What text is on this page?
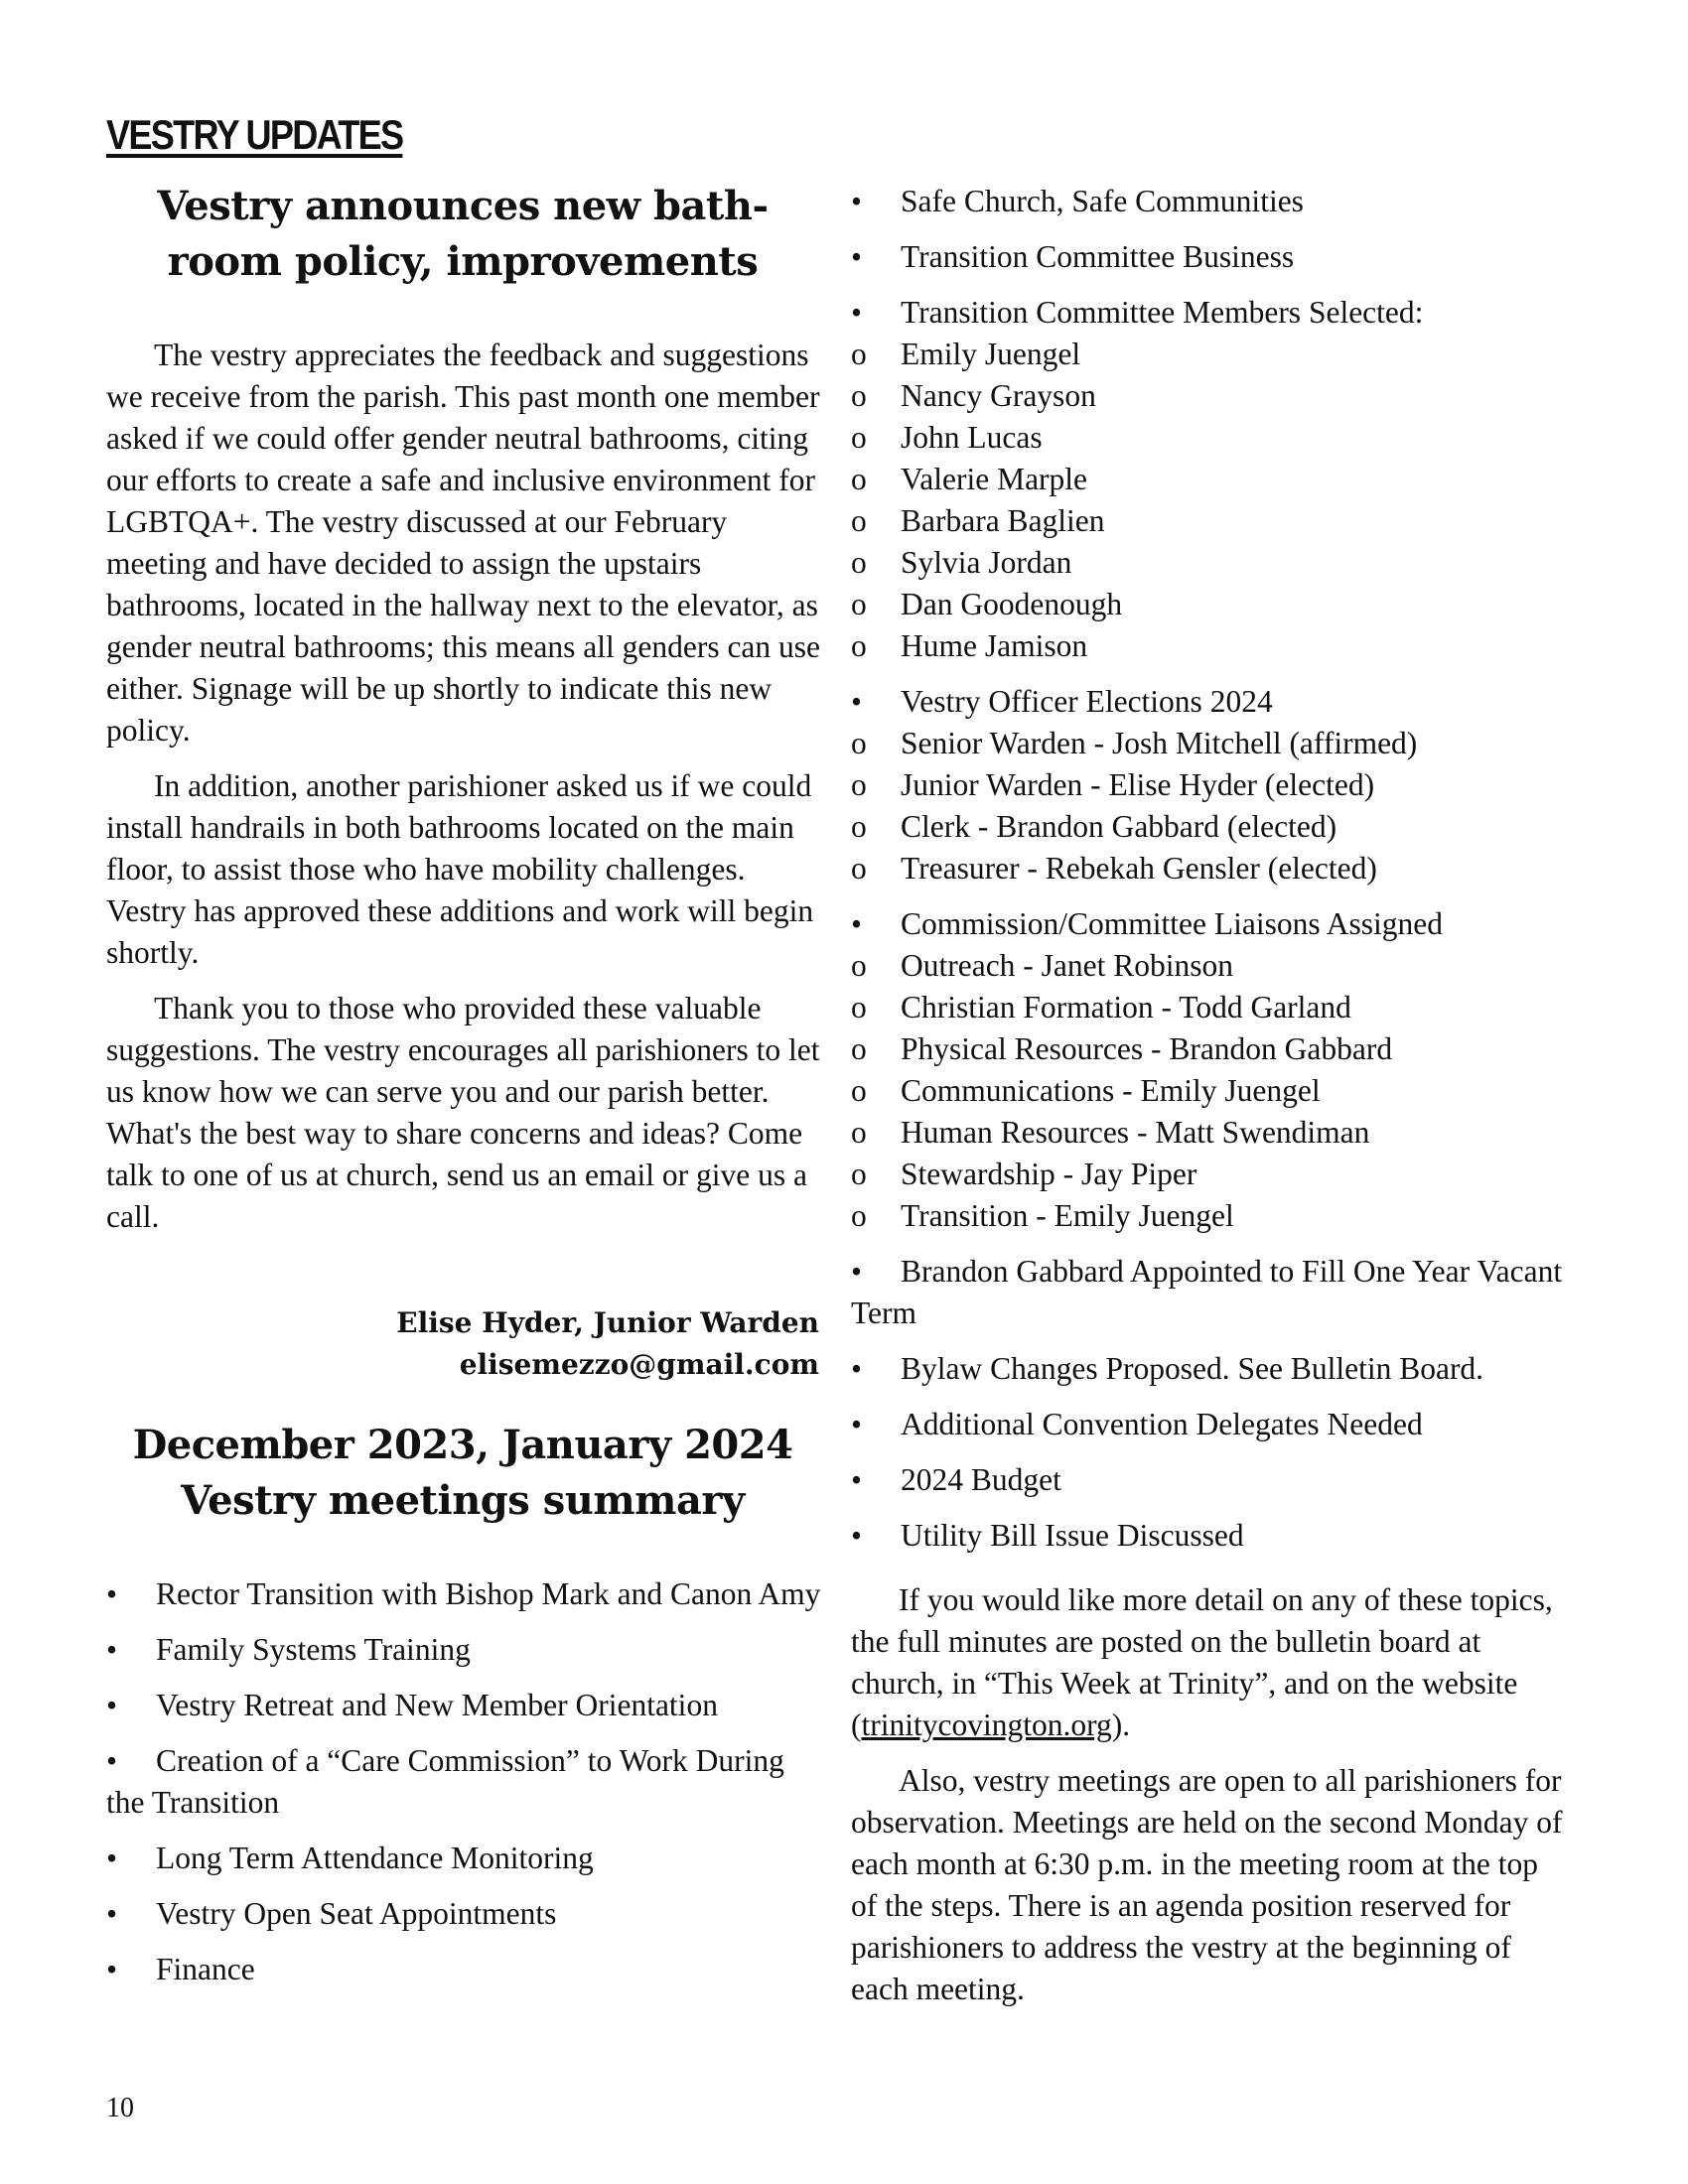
VESTRY UPDATES
Vestry announces new bath-
room policy, improvements

The vestry appreciates the feedback and suggestions we receive from the parish. This past month one member asked if we could offer gender neutral bathrooms, citing our efforts to create a safe and inclusive environment for LGBTQA+. The vestry discussed at our February meeting and have decided to assign the upstairs bathrooms, located in the hallway next to the elevator, as gender neutral bathrooms; this means all genders can use either. Signage will be up shortly to indicate this new policy.

In addition, another parishioner asked us if we could install handrails in both bathrooms located on the main floor, to assist those who have mobility challenges. Vestry has approved these additions and work will begin shortly.

Thank you to those who provided these valuable suggestions. The vestry encourages all parishioners to let us know how we can serve you and our parish better. What's the best way to share concerns and ideas? Come talk to one of us at church, send us an email or give us a call.

Elise Hyder, Junior Warden
elisemezzo@gmail.com
December 2023, January 2024
Vestry meetings summary
•	Rector Transition with Bishop Mark and Canon Amy
•	Family Systems Training
•	Vestry Retreat and New Member Orientation
•	Creation of a “Care Commission” to Work During the Transition
•	Long Term Attendance Monitoring
•	Vestry Open Seat Appointments
•	Finance
•	Safe Church, Safe Communities
•	Transition Committee Business
•	Transition Committee Members Selected:
o	Emily Juengel
o	Nancy Grayson
o	John Lucas
o	Valerie Marple
o	Barbara Baglien
o	Sylvia Jordan
o	Dan Goodenough
o	Hume Jamison
•	Vestry Officer Elections 2024
o	Senior Warden - Josh Mitchell (affirmed)
o	Junior Warden - Elise Hyder (elected)
o	Clerk - Brandon Gabbard (elected)
o	Treasurer - Rebekah Gensler (elected)
•	Commission/Committee Liaisons Assigned
o	Outreach - Janet Robinson
o	Christian Formation - Todd Garland
o	Physical Resources - Brandon Gabbard
o	Communications - Emily Juengel
o	Human Resources - Matt Swendiman
o	Stewardship - Jay Piper
o	Transition - Emily Juengel
•	Brandon Gabbard Appointed to Fill One Year Vacant Term
•	Bylaw Changes Proposed. See Bulletin Board.
•	Additional Convention Delegates Needed
•	2024 Budget
•	Utility Bill Issue Discussed

If you would like more detail on any of these topics, the full minutes are posted on the bulletin board at church, in “This Week at Trinity”, and on the website (trinitycovington.org).

Also, vestry meetings are open to all parishioners for observation. Meetings are held on the second Monday of each month at 6:30 p.m. in the meeting room at the top of the steps. There is an agenda position reserved for parishioners to address the vestry at the beginning of each meeting.

10
